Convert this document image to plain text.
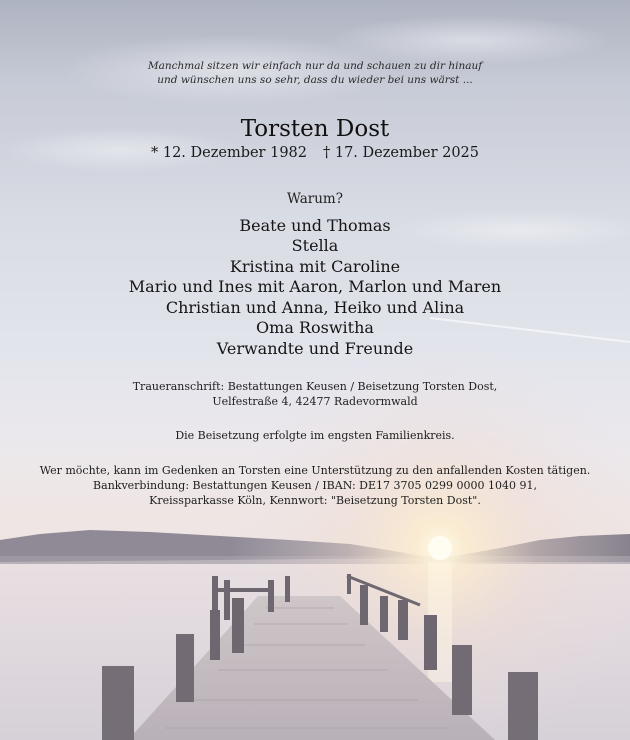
Manchmal sitzen wir einfach nur da und schauen zu dir hinauf
und wünschen uns so sehr, dass du wieder bei uns wärst ...
Torsten Dost
* 12. Dezember 1982 † 17. Dezember 2025
Warum?
Beate und Thomas
Stella
Kristina mit Caroline
Mario und Ines mit Aaron, Marlon und Maren
Christian und Anna, Heiko und Alina
Oma Roswitha
Verwandte und Freunde
Traueranschrift: Bestattungen Keusen / Beisetzung Torsten Dost,
Uelfestraße 4, 42477 Radevormwald
Die Beisetzung erfolgte im engsten Familienkreis.
Wer möchte, kann im Gedenken an Torsten eine Unterstützung zu den anfallenden Kosten tätigen.
Bankverbindung: Bestattungen Keusen / IBAN: DE17 3705 0299 0000 1040 91,
Kreissparkasse Köln, Kennwort: "Beisetzung Torsten Dost".
